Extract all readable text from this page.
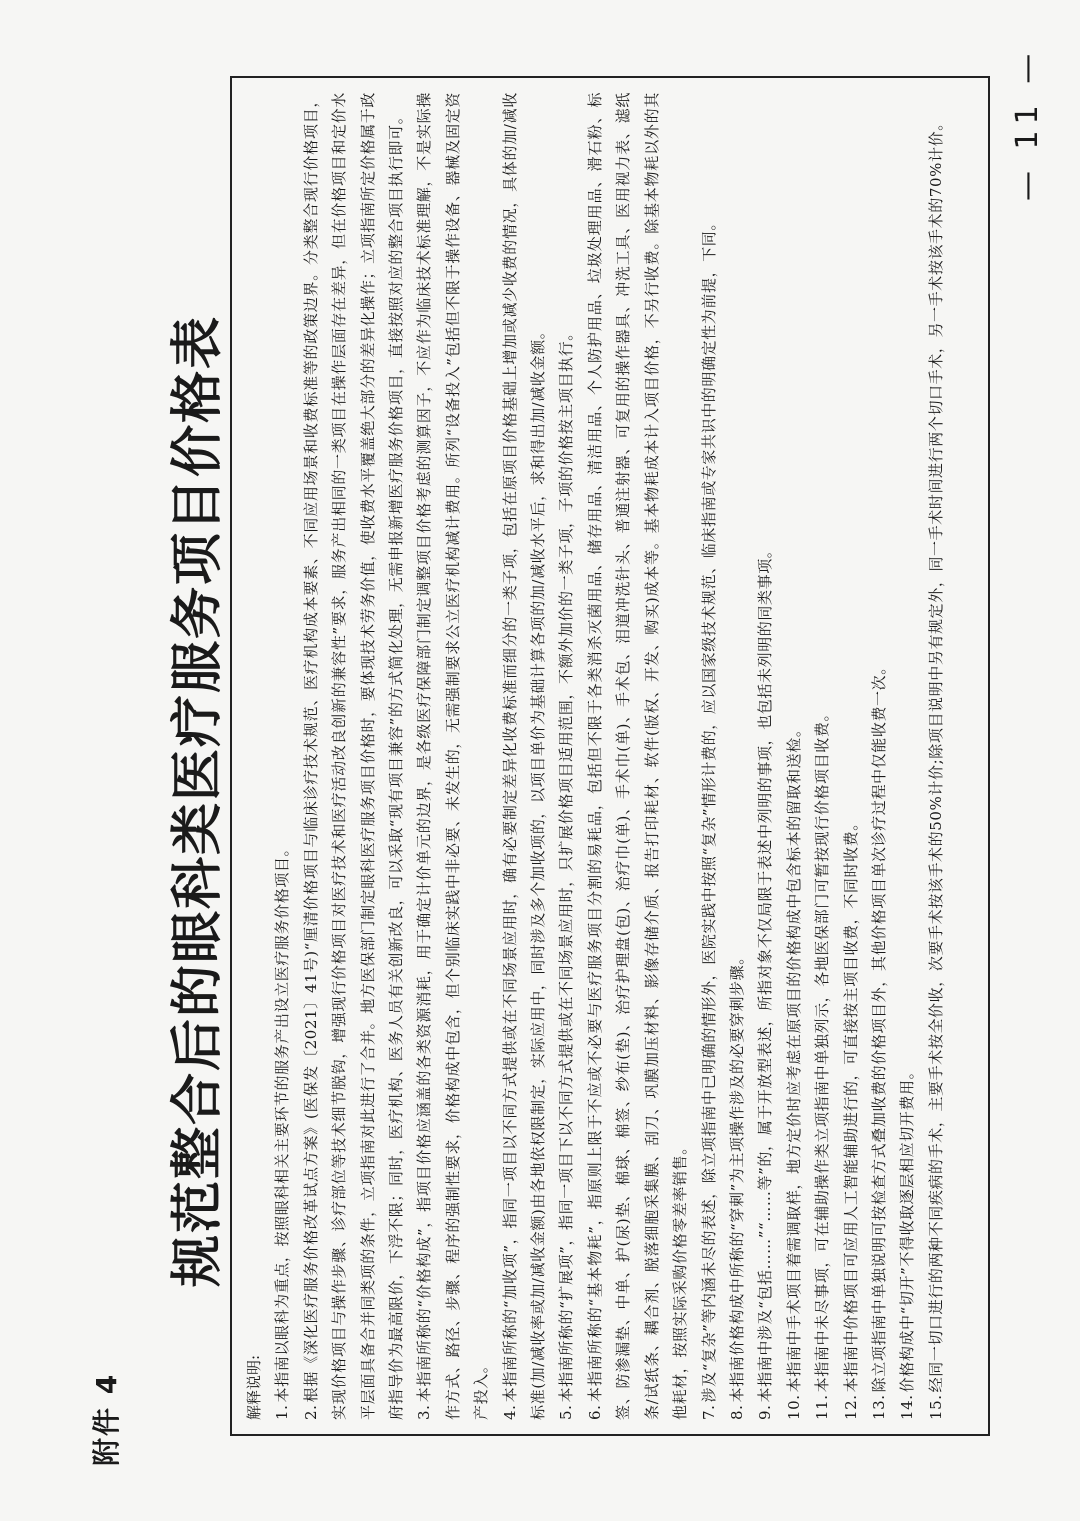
附件 4
规范整合后的眼科类医疗服务项目价格表

解释说明: 1.本指南以眼科为重点，按照眼科相关主要环节的服务产出设立医疗服务价格项目。
2.根据《深化医疗服务价格改革试点方案》(医保发〔2021〕41号)“厘清价格项目与临床诊疗技术规范、医疗机构成本要素、不同应用场景和收费标准等的政策边界。分类整合现行价格项目，实现价格项目与操作步骤、诊疗部位等技术细节脱钩，增强现行价格项目对医疗技术和医疗活动改良创新的兼容性”要求，服务产出相同的一类项目在操作层面存在差异，但在价格项目和定价水平层面具备合并同类项的条件，立项指南对此进行了合并。地方医保部门制定眼科医疗服务项目价格时，要体现技术劳务价值，使收费水平覆盖绝大部分的差异化操作；立项指南所定价格属于政府指导价为最高限价，下浮不限；同时，医疗机构、医务人员有关创新改良，可以采取“现有项目兼容”的方式简化处理，无需申报新增医疗服务价格项目，直接按照对应的整合项目执行即可。 3.本指南所称的“价格构成”，指项目价格应涵盖的各类资源消耗，用于确定计价单元的边界，是各级医疗保障部门制定调整项目价格考虑的测算因子，不应作为临床技术标准理解，不是实际操作方式、路径、步骤、程序的强制性要求，价格构成中包含，但个别临床实践中非必要、未发生的，无需强制要求公立医疗机构减计费用。所列“设备投入”包括但不限于操作设备、器械及固定资产投入。 4.本指南所称的“加收项”，指同一项目以不同方式提供或在不同场景应用时，确有必要制定差异化收费标准而细分的一类子项，包括在原项目价格基础上增加或减少收费的情况，具体的加/减收标准(加/减收率或加/减收金额)由各地依权限制定，实际应用中，同时涉及多个加收项的，以项目单价为基础计算各项的加/减收水平后，求和得出加/减收金额。 5.本指南所称的“扩展项”，指同一项目下以不同方式提供或在不同场景应用时，只扩展价格项目适用范围，不额外加价的一类子项，子项的价格按主项目执行。
6.本指南所称的“基本物耗”，指原则上限于不应或不必要与医疗服务项目分割的易耗品，包括但不限于各类消杀灭菌用品、储存用品、清洁用品、个人防护用品、垃圾处理用品、滑石粉、标签、防渗漏垫、中单、护(尿)垫、棉球、棉签、纱布(垫)、治疗护理盘(包)、治疗巾(单)、手术巾(单)、手术包、泪道冲洗针头、普通注射器、可复用的操作器具、冲洗工具、医用视力表、滤纸条/试纸条、耦合剂、脱落细胞采集膜、刮刀、巩膜加压材料、影像存储介质、报告打印耗材、软件(版权、开发、购买)成本等。基本物耗成本计入项目价格，不另行收费。除基本物耗以外的其他耗材，按照实际采购价格零差率销售。 7.涉及“复杂”等内涵未尽的表述，除立项指南中已明确的情形外，医院实践中按照“复杂”情形计费的，应以国家级技术规范、临床指南或专家共识中的明确定性为前提，下同。
8.本指南价格构成中所称的“穿刺”为主项操作涉及的必要穿刺步骤。
9.本指南中涉及“包括……”“……等”的，属于开放型表述，所指对象不仅局限于表述中列明的事项，也包括未列明的同类事项。
10.本指南中手术项目着需调取样，地方定价时应考虑在原项目的价格构成中包含标本的留取和送检。
11.本指南中未尽事项，可在辅助操作类立项指南中单独列示，各地医保部门可暂按现行价格项目收费。
12.本指南中价格项目可应用人工智能辅助进行的，可直接按主项目收费，不同时收费。
13.除立项指南中单独说明可按检查方式叠加收费的价格项目外，其他价格项目单次诊疗过程中仅能收费一次。
14.价格构成中“切开”不得收取逐层相应切开费用。
15.经同一切口进行的两种不同疾病的手术，主要手术按全价收，次要手术按该手术的50%计价;除项目说明中另有规定外，同一手术时间进行两个切口手术，另一手术按该手术的70%计价。 — 11 —
